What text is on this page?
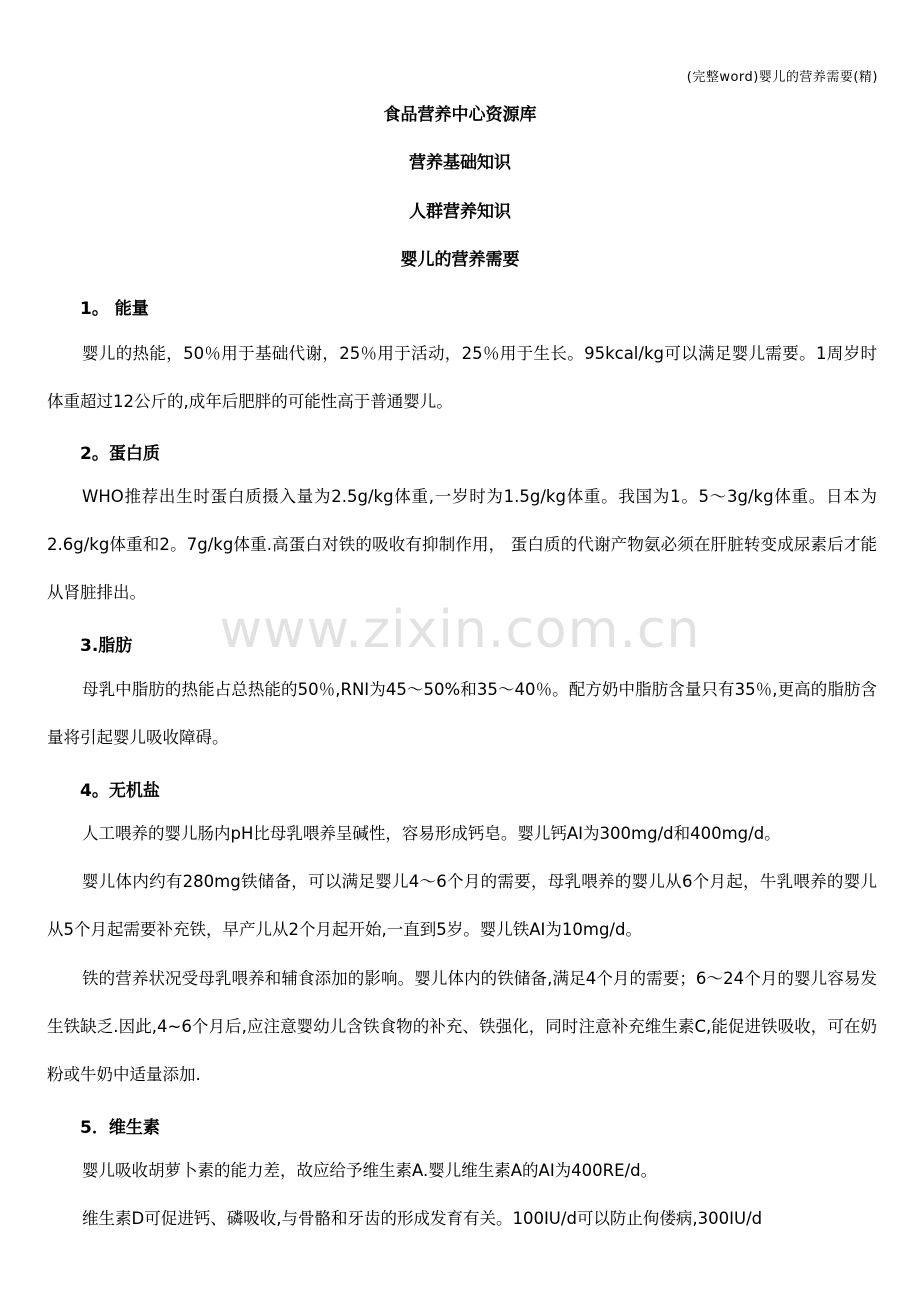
(完整word)婴儿的营养需要(精)
食品营养中心资源库
营养基础知识
人群营养知识
婴儿的营养需要
www.zixin.com.cn
1。 能量

婴儿的热能，50％用于基础代谢，25％用于活动，25％用于生长。95kcal/kg可以满足婴儿需要。1周岁时体重超过12公斤的,成年后肥胖的可能性高于普通婴儿。

2。蛋白质

WHO推荐出生时蛋白质摄入量为2.5g/kg体重,一岁时为1.5g/kg体重。我国为1。5～3g/kg体重。日本为2.6g/kg体重和2。7g/kg体重.高蛋白对铁的吸收有抑制作用， 蛋白质的代谢产物氨必须在肝脏转变成尿素后才能从肾脏排出。

3.脂肪

母乳中脂肪的热能占总热能的50％,RNI为45～50%和35～40％。配方奶中脂肪含量只有35％,更高的脂肪含量将引起婴儿吸收障碍。

4。无机盐

人工喂养的婴儿肠内pH比母乳喂养呈碱性，容易形成钙皂。婴儿钙AI为300mg/d和400mg/d。

婴儿体内约有280mg铁储备，可以满足婴儿4～6个月的需要，母乳喂养的婴儿从6个月起，牛乳喂养的婴儿从5个月起需要补充铁，早产儿从2个月起开始,一直到5岁。婴儿铁AI为10mg/d。

铁的营养状况受母乳喂养和辅食添加的影响。婴儿体内的铁储备,满足4个月的需要；6～24个月的婴儿容易发生铁缺乏.因此,4~6个月后,应注意婴幼儿含铁食物的补充、铁强化，同时注意补充维生素C,能促进铁吸收，可在奶粉或牛奶中适量添加.

5．维生素

婴儿吸收胡萝卜素的能力差，故应给予维生素A.婴儿维生素A的AI为400RE/d。

维生素D可促进钙、磷吸收,与骨骼和牙齿的形成发育有关。100IU/d可以防止佝偻病,300IU/d
